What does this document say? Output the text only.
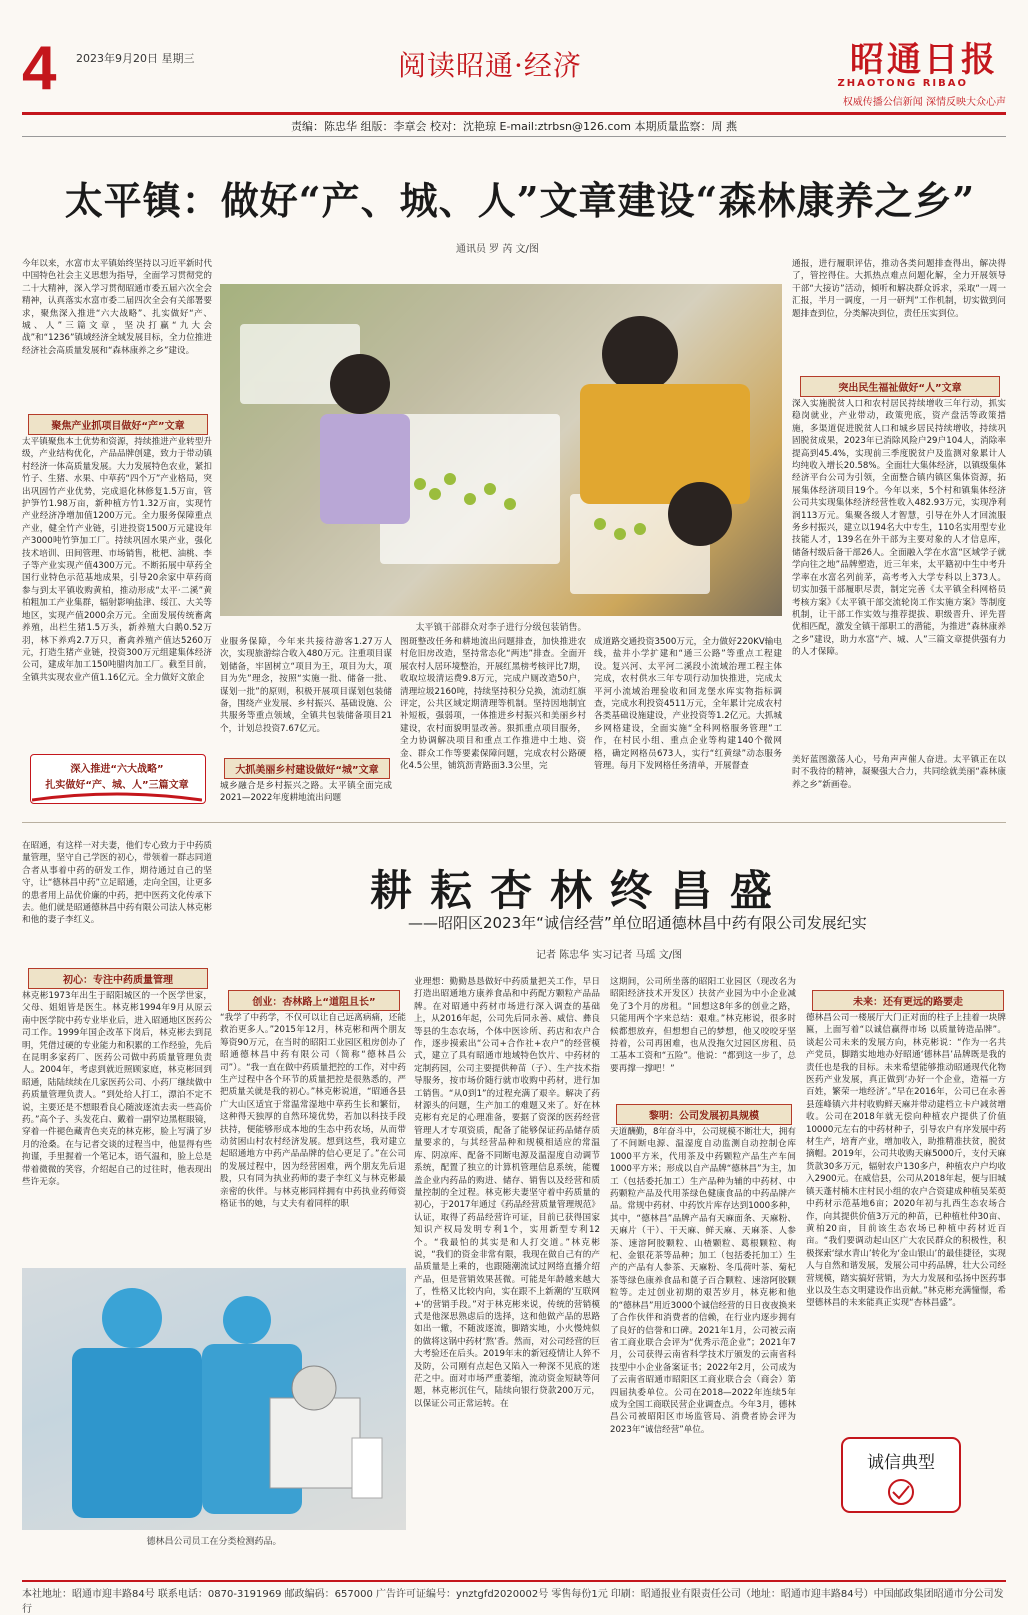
4 2023年9月20日 星期三	阅读昭通·经济	昭通日报
ZHAOTONG RIBAO
权威传播公信新闻 深情反映大众心声
责编：陈忠华 组版：李章会 校对：沈艳琼 E-mail:ztrbsn@126.com 本期质量监察：周 燕
太平镇：做好“产、城、人”文章建设“森林康养之乡”
通讯员 罗 芮 文/图
今年以来，水富市太平镇始终坚持以习近平新时代中国特色社会主义思想为指导，全面学习贯彻党的二十大精神，深入学习贯彻昭通市委五届六次全会精神，认真落实水富市委二届四次全会有关部署要求，聚焦深入推进“六大战略”、扎实做好“产、城、人”三篇文章，坚决打赢“九大会战”和“1236”镇域经济全域发展目标，全力位推进经济社会高质量发展和“森林康养之乡”建设。
聚焦产业抓项目做好“产”文章
太平镇聚焦本土优势和资源，持续推进产业转型升级，产业结构优化，产品品牌创建，致力于带动镇村经济一体高质量发展。大力发展特色农业，紧扣竹子、生猪、水果、中草药“四个万”产业格局，突出巩固竹产业优势，完成退化林修复1.5万亩，管护笋竹1.98万亩，新种植方竹1.32万亩，实现竹产业经济净增加值1200万元。全力服务保障重点产业，健全竹产业链，引进投资1500万元建设年产3000吨竹笋加工厂。持续巩固水果产业，强化技术培训、田间管理、市场销售，枇杷、油桃、李子等产业实现产值4300万元。不断拓展中草药全国行业特色示范基地成果，引导20余家中草药商参与到太平镇收购黄柏，推动形成“太平·二溪”黄柏粗加工产业集群，辐射影响盐津、绥江、大关等地区，实现产值2000余万元。全面发展传统畜禽养殖，出栏生猪1.5万头，新养殖大白鹅0.52万羽，林下养鸡2.7万只，畜禽养殖产值达5260万元，打造生猪产业链，投资300万元组建集体经济公司，建成年加工150吨腊肉加工厂。截至目前，全镇共实现农业产值1.16亿元。全力做好文旅企
深入推进“六大战略”
扎实做好“产、城、人”三篇文章
太平镇干部群众对李子进行分级包装销售。
业服务保障，今年来共接待游客1.27万人次，实现旅游综合收入480万元。注重项目谋划储备，牢固树立“项目为王，项目为大，项目为先”理念，按照“实施一批、储备一批、谋划一批”的原则，积极开展项目谋划包装储备，围绕产业发展、乡村振兴、基础设施、公共服务等重点领域，全镇共包装储备项目21个，计划总投资7.67亿元。
大抓美丽乡村建设做好“城”文章
城乡融合是乡村振兴之路。太平镇全面完成2021—2022年度耕地流出问题
图斑整改任务和耕地流出问题排查，加快推进农村危旧房改造，坚持常态化“两违”排查。全面开展农村人居环境整治，开展红黑榜考核评比7期，收取垃圾清运费9.8万元，完成户厕改造50户，清理垃圾2160吨，持续坚持积分兑换，流动红旗评定，公共区域定期清理等机制。坚持因地制宜补短板，强弱项，一体推进乡村振兴和美丽乡村建设，农村面貌明显改善。狠抓重点项目服务，全力协调解决项目和重点工作推进中土地、资金、群众工作等要素保障问题，完成农村公路硬化4.5公里，铺筑沥青路面3.3公里，完
成道路交通投资3500万元，全力做好220KV输电线，盐井小学扩建和“通三公路”等重点工程建设。复兴河、太平河二溪段小流域治理工程主体完成，农村供水三年专项行动加快推进，完成太平河小流域治理验收和回龙堡水库实物指标调查，完成水利投资4511万元，全年累计完成农村各类基础设施建设，产业投资等1.2亿元。大抓城乡网格建设，全面实施“全科网格服务管理”工作，在村民小组、重点企业等构建140个微网格，确定网格员673人，实行“红黄绿”动态服务管理。每月下发网格任务清单，开展督查
通报，进行履职评估，推动各类问题排查得出，解决得了，管控得住。大抓热点难点问题化解，全力开展领导干部“大接访”活动，倾听和解决群众诉求，采取“一周一汇报，半月一调度，一月一研判”工作机制，切实做到问题排查到位，分类解决到位，责任压实到位。
突出民生福祉做好“人”文章
深入实施脱贫人口和农村居民持续增收三年行动，抓实稳岗就业，产业带动，政策兜底，资产盘活等政策措施，多渠道促进脱贫人口和城乡居民持续增收，持续巩固脱贫成果，2023年已消除风险户29户104人，消除率提高到45.4%，实现前三季度脱贫户及监测对象累计人均纯收入增长20.58%。全面壮大集体经济，以镇级集体经济平台公司为引领，全面整合镇内镇区集体资源，拓展集体经济项目19个。今年以来，5个村和镇集体经济公司共实现集体经济经营性收入482.93万元，实现净利润113万元。集聚各级人才智慧，引导在外人才回流服务乡村振兴，建立以194名大中专生，110名实用型专业技能人才，139名在外干部为主要对象的人才信息库，储备村级后备干部26人。全面融入学在水富“区域学子就学向往之地”品牌塑造，近三年来，太平籍初中生中考升学率在水富名列前茅，高考考入大学专科以上373人。切实加强干部履职尽责，制定完善《太平镇全科网格员考核方案》《太平镇干部交流轮岗工作实施方案》等制度机制，让干部工作实效与推荐提拔、职级晋升、评先晋优相匹配，激发全镇干部职工的潜能，为推进“森林康养之乡”建设，助力水富“产、城、人”三篇文章提供强有力的人才保障。
美好蓝图激荡人心，号角声声催人奋进。太平镇正在以时不我待的精神，凝聚强大合力，共同绘就美丽“森林康养之乡”新画卷。
耕耘杏林终昌盛
——昭阳区2023年“诚信经营”单位昭通德林昌中药有限公司发展纪实
记者 陈忠华 实习记者 马瑶 文/图
在昭通，有这样一对夫妻，他们专心致力于中药质量管理，坚守自己学医的初心，带领着一群志同道合者从事着中药的研发工作，期待通过自己的坚守，让“德林昌中药”立足昭通，走向全国，让更多的患者用上品优价廉的中药，把中医药文化传承下去。他们就是昭通德林昌中药有限公司法人林克彬和他的妻子李红义。
初心：专注中药质量管理
林克彬1973年出生于昭阳城区的一个医学世家，父母、姐姐皆是医生。林克彬1994年9月从原云南中医学院中药专业毕业后，进入昭通地区医药公司工作。1999年国企改革下岗后，林克彬去到昆明，凭借过硬的专业能力和积累的工作经验，先后在昆明多家药厂、医药公司做中药质量管理负责人。2004年，考虑到就近照顾家庭，林克彬回到昭通，陆陆续续在几家医药公司、小药厂继续做中药质量管理负责人。“到处给人打工，漂泊不定不说，主要还是不想眼看良心随波逐流去卖一些高价药。”高个子、头发花白、戴着一副窄边黑框眼镜，穿着一件褪色藏青色夹克的林克彬，脸上写满了岁月的沧桑。在与记者交谈的过程当中，他显得有些拘谨，手里握着一个笔记本，语气温和，脸上总是带着微微的笑容，介绍起自己的过往时，他表现出些许无奈。
创业：杏林路上“道阻且长”
“我学了中药学，不仅可以让自己远离病痛，还能救治更多人。”2015年12月，林克彬和两个朋友筹资90万元，在当时的昭阳工业园区租房创办了昭通德林昌中药有限公司（简称“德林昌公司”）。“我一直在做中药质量把控的工作，对中药生产过程中各个环节的质量把控是很熟悉的，严把质量关就是我的初心。”林克彬说道，“昭通各县广大山区适宜于常温常湿地中草药生长和繁衍，这种得天独厚的自然环境优势，若加以科技手段扶持，便能够形成本地的生态中药农场，从而带动贫困山村农村经济发展。想到这些，我对建立起昭通地方中药产品品牌的信心更足了。”在公司的发展过程中，因为经营困难，两个朋友先后退股，只有同为执业药师的妻子李红义与林克彬最亲密的伙伴。与林克彬同样拥有中药执业药师资格证书的她，与丈夫有着同样的职
业理想：勤勤恳恳做好中药质量把关工作，早日打造出昭通地方康养食品和中药配方颗粒产品品牌。在对昭通中药材市场进行深入调查的基础上，从2016年起，公司先后同永善、威信、彝良等县的生态农场，个体中医诊所、药店和农户合作，逐步摸索出“公司+合作社+农户”的经营模式，建立了具有昭通市地域特色饮片、中药材的定制药园，公司主要提供种苗（子）、生产技术指导服务，按市场价随行就市收购中药材，进行加工销售。“从0到1”的过程充满了艰辛。解决了药材源头的问题，生产加工的难题又来了。好在林克彬有充足的心理准备，要据了资深的医药经营管理人才专项资质，配备了能够保证药品储存质量要求的，与其经营品种和规模相适应的常温库、阴凉库、配备不同断电源及温湿度自动调节系统，配置了独立的计算机管理信息系统，能覆盖企业内药品的购进、储存、销售以及经营和质量控制的全过程。林克彬夫妻坚守着中药质量的初心，于2017年通过《药品经营质量管理规范》认证，取得了药品经营许可证，目前已获得国家知识产权局发明专利1个，实用新型专利12个。“我最怕的其实是和人打交道。”林克彬说，“我们的资金非常有限，我现在做自己有的产品质量是上乘的，也跟随潮流试过网络直播介绍产品，但是营销效果甚微。可能是年龄越来越大了，性格又比较内向，实在跟不上新潮的'互联网+'的营销手段。”对于林克彬来说，传统的营销模式是他深思熟虑后的选择，这和他做产品的思路如出一辙，不随波逐流，脚踏实地，小火慢炖似的做将这锅中药材‘熬’香。然而，对公司经营的巨大考验还在后头。2019年末的新冠疫情让人猝不及防，公司刚有点起色又陷入一种深不见底的迷茫之中。面对市场严重萎缩，流动资金短缺等问题，林克彬沉住气，陆续向银行贷款200万元，以保证公司正常运转。在
这期间，公司所坐落的昭阳工业园区（现改名为昭阳经济技术开发区）扶贫产业园为中小企业减免了3个月的房租。“回想这8年多的创业之路，只能用两个字来总结：艰难。”林克彬说，很多时候都想放弃，但想想自己的梦想，他又咬咬牙坚持着，公司再困难，也从没拖欠过园区房租、员工基本工资和“五险”。他说：“都到这一步了，总要再撑一撑吧！”
黎明：公司发展初具规模
天道酬勤，8年奋斗中，公司规模不断壮大，拥有了不间断电源、温湿度自动监测自动控制仓库1000平方米，代用茶及中药颗粒产品生产车间1000平方米；形成以自产品牌“德林昌”为主，加工（包括委托加工）生产品种为辅的中药材、中药颗粒产品及代用茶绿色健康食品的中药品牌产品。常规中药材、中药饮片库存达到1000多种，其中，“德林昌”品牌产品有天麻面条、天麻粉、天麻片（干）、干天麻、鲜天麻、天麻茶、人参茶、速溶阿胶颗粒、山楂颗粒、葛根颗粒、枸杞、金银花茶等品种；加工（包括委托加工）生产的产品有人参茶、天麻粉、冬瓜荷叶茶、菊杞茶等绿色康养食品和蓖子百合颗粒、速溶阿胶颗粒等。走过创业初期的艰苦岁月，林克彬和他的“德林昌”用近3000个诚信经营的日日夜夜换来了合作伙伴和消费者的信赖，在行业内逐步拥有了良好的信誉和口碑。2021年1月，公司被云南省工商业联合会评为“优秀示范企业”；2021年7月，公司获得云南省科学技术厅颁发的云南省科技型中小企业备案证书；2022年2月，公司成为了云南省昭通市昭阳区工商业联合会（商会）第四届执委单位。公司在2018—2022年连续5年成为全国工商联民营企业调查点。今年3月，德林昌公司被昭阳区市场监管局、消费者协会评为2023年“诚信经营”单位。
未来：还有更远的路要走
德林昌公司一楼展厅大门正对面的柱子上挂着一块牌匾，上面写着“以诚信赢得市场 以质量铸造品牌”。谈起公司未来的发展方向，林克彬说：“作为一名共产党员，脚踏实地地办好昭通‘德林昌’品牌既是我的责任也是我的目标。未来希望能够推动昭通现代化物医药产业发展，真正做到‘办好一个企业，造福一方百姓，繁荣一地经济’。”早在2016年，公司已在永善县莲峰镇六井村收购鲜天麻并带动建档立卡户减贫增收。公司在2018年就无偿向种植农户提供了价值10000元左右的中药材种子，引导农户有序发展中药材生产，培育产业，增加收入，助推精准扶贫，脱贫摘帽。2019年，公司共收购天麻5000斤，支付天麻货款30多万元，辐射农户130多户，种植农户户均收入2900元。在威信县，公司从2018年起，便与旧城镇天蓬村楠木庄村民小组的农户合资建成种植吴茱萸中药材示范基地6亩；2020年初与扎西生态农场合作，向其提供价值3万元的种苗，已种植杜仲30亩、黄柏20亩，目前该生态农场已种植中药材近百亩。“我们要调动起山区广大农民群众的积极性，积极探索‘绿水青山’转化为‘金山银山’的最佳捷径，实现人与自然和谐发展，发展公司中药品牌，壮大公司经营规模，踏实搞好营销，为大力发展和弘扬中医药事业以及生态文明建设作出贡献。”林克彬充满憧憬，希望德林昌的未来能真正实现“杏林昌盛”。
诚信典型
德林昌公司员工在分类检测药品。
本社地址：昭通市迎丰路84号 联系电话：0870-3191969 邮政编码：657000 广告许可证编号：ynztgfd2020002号 零售每份1元 印刷：昭通报业有限责任公司（地址：昭通市迎丰路84号）中国邮政集团昭通市分公司发行
